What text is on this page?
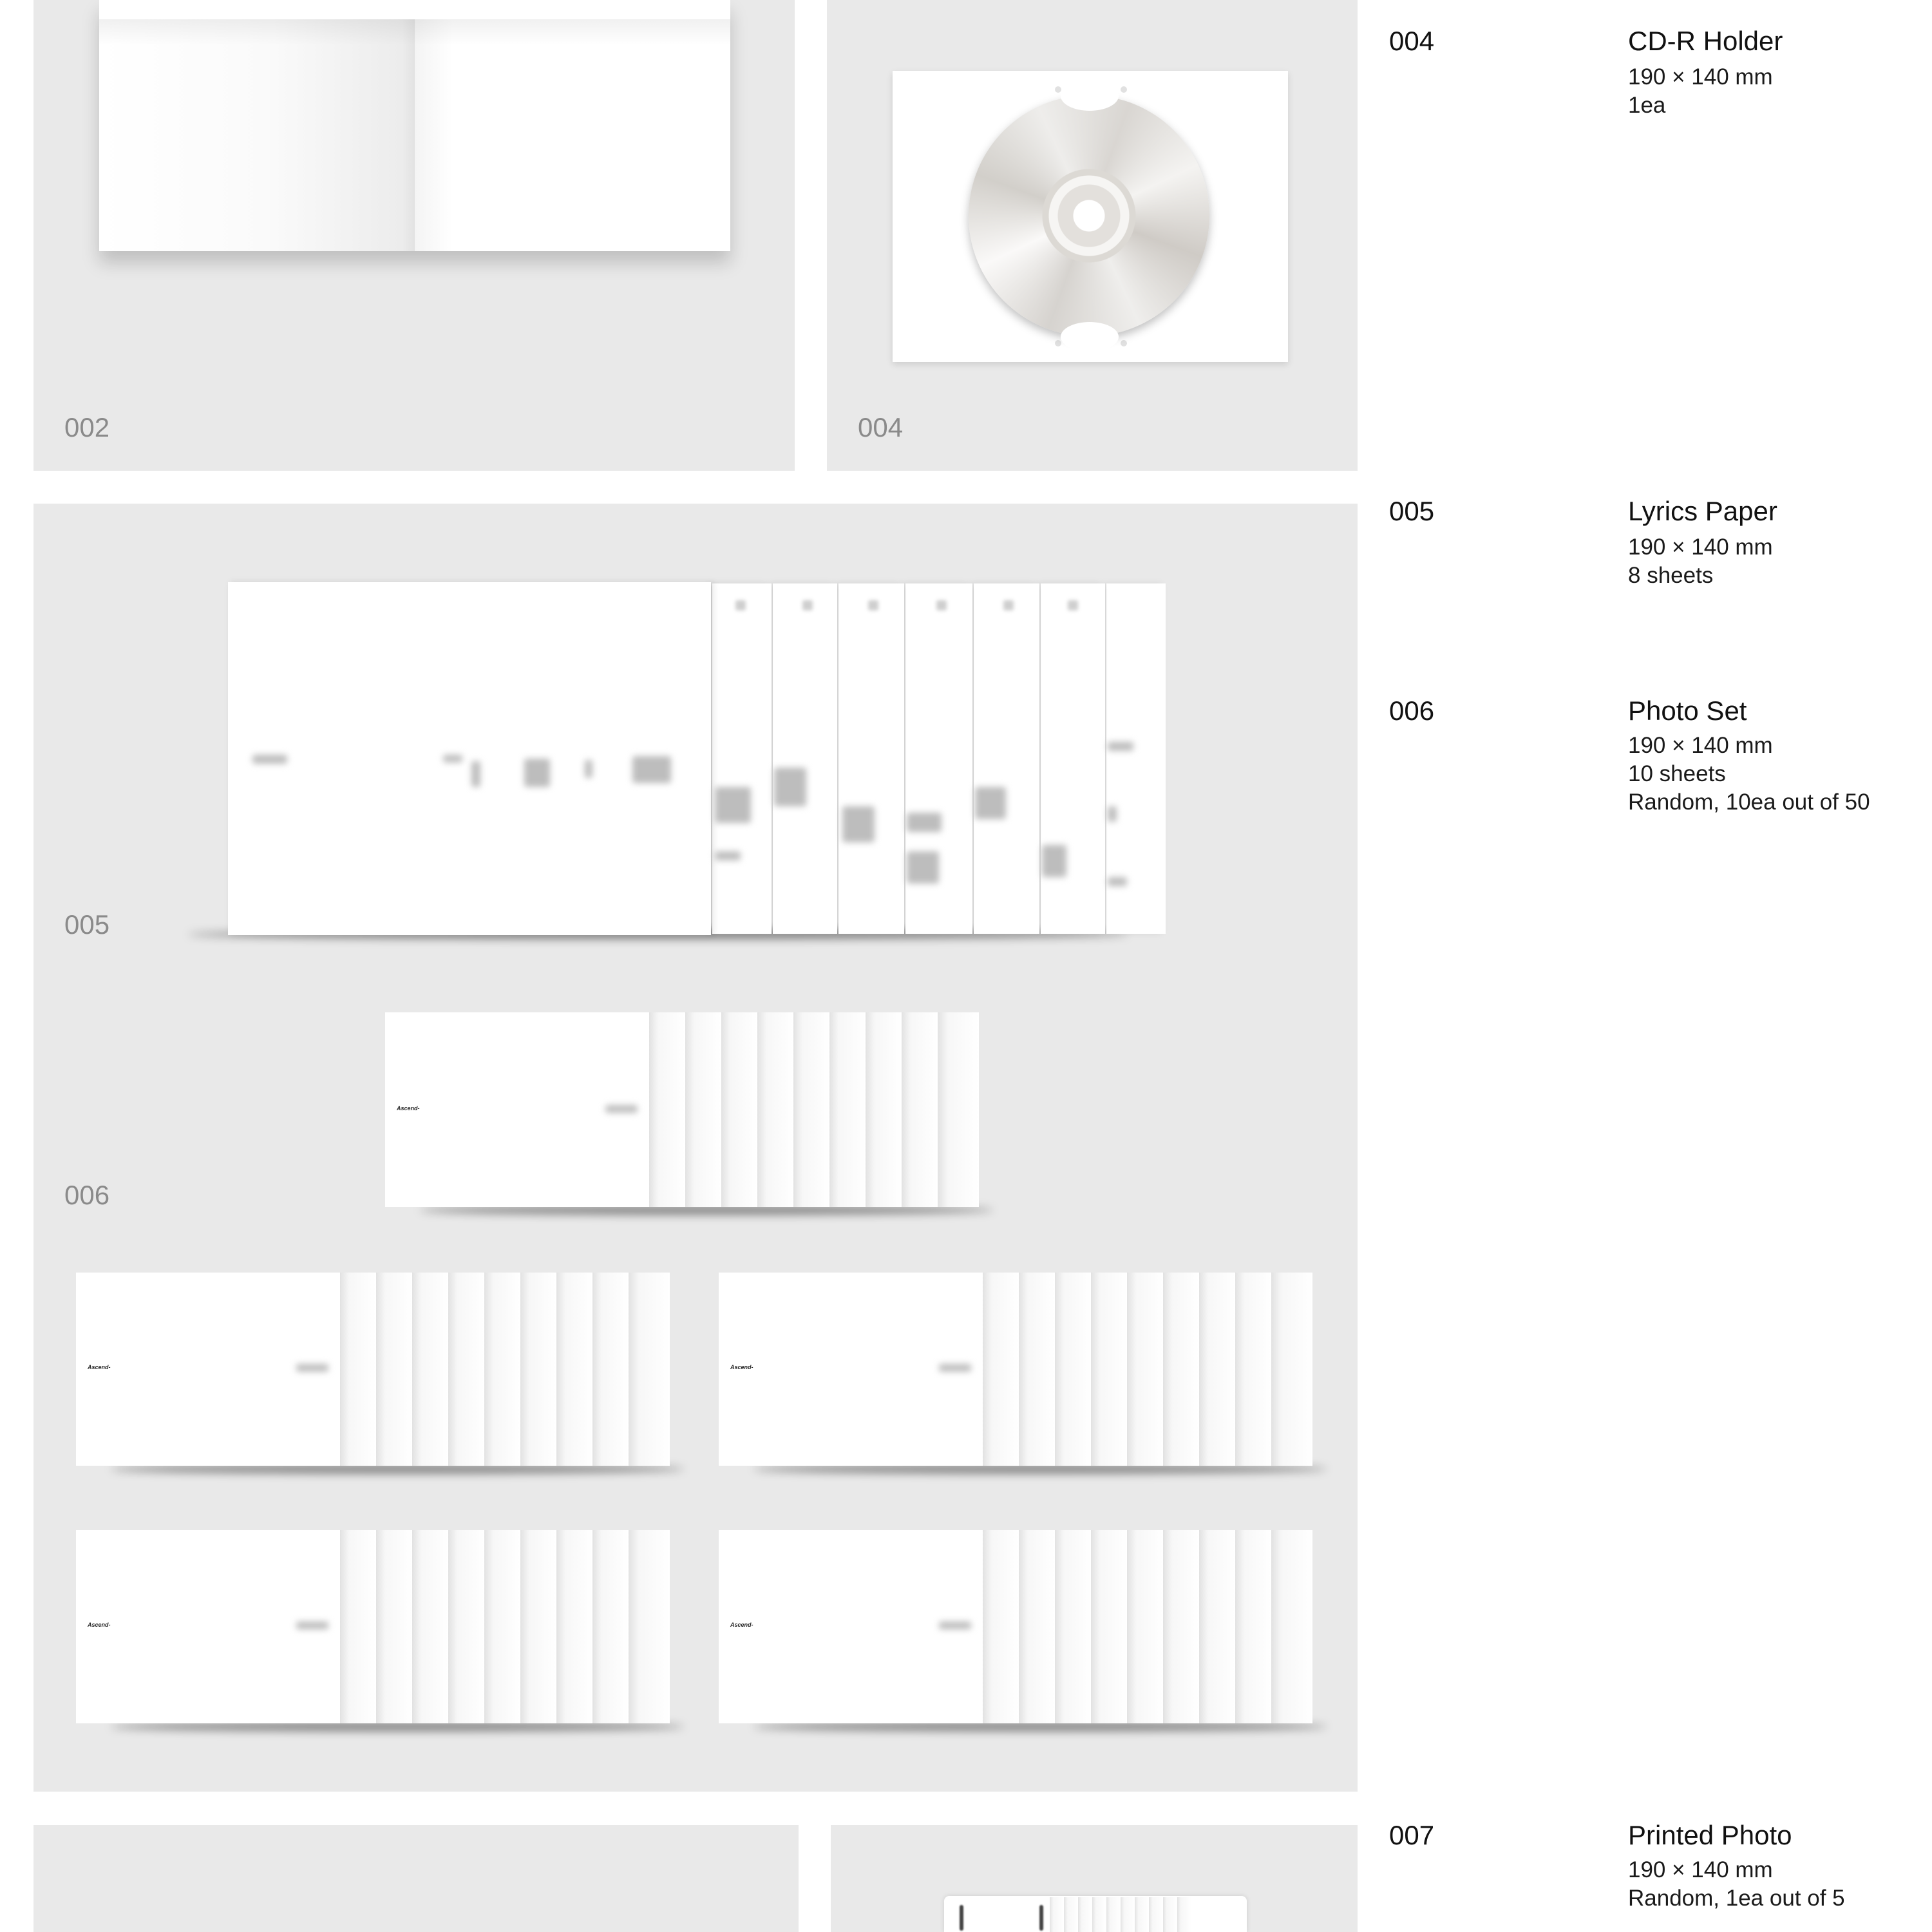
002	004
005
Ascend-
006
Ascend-	Ascend-
Ascend-	Ascend-
004	CD-R Holder
190 × 140 mm
1ea
005	Lyrics Paper
190 × 140 mm
8 sheets
006	Photo Set
190 × 140 mm
10 sheets
Random, 10ea out of 50
007	Printed Photo
190 × 140 mm
Random, 1ea out of 5
